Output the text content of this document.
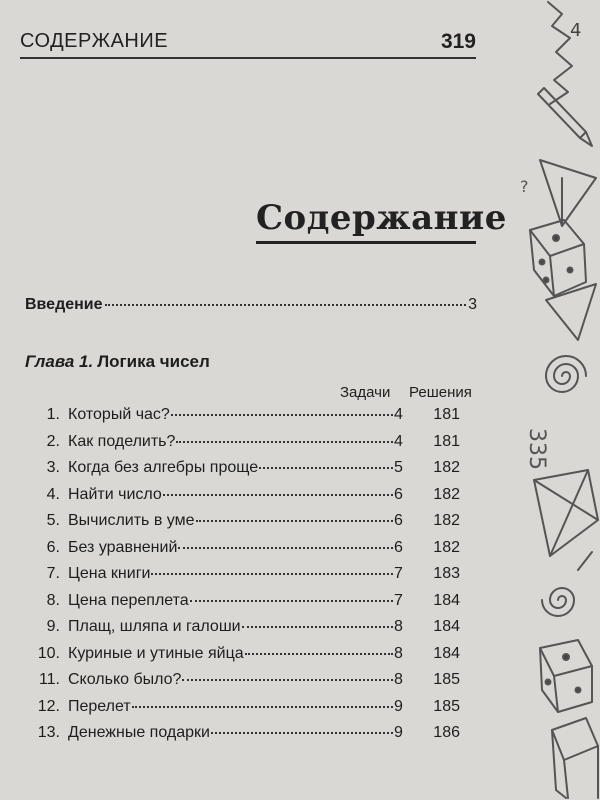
СОДЕРЖАНИЕ	319
Содержание
Введение	3
Глава 1. Логика чисел
Задачи Решения
1. Который час?	4	181
2. Как поделить?	4	181
3. Когда без алгебры проще	5	182
4. Найти число	6	182
5. Вычислить в уме	6	182
6. Без уравнений	6	182
7. Цена книги	7	183
8. Цена переплета	7	184
9. Плащ, шляпа и галоши	8	184
10. Куриные и утиные яйца	8	184
11. Сколько было?	8	185
12. Перелет	9	185
13. Денежные подарки	9	186
4
?
335
